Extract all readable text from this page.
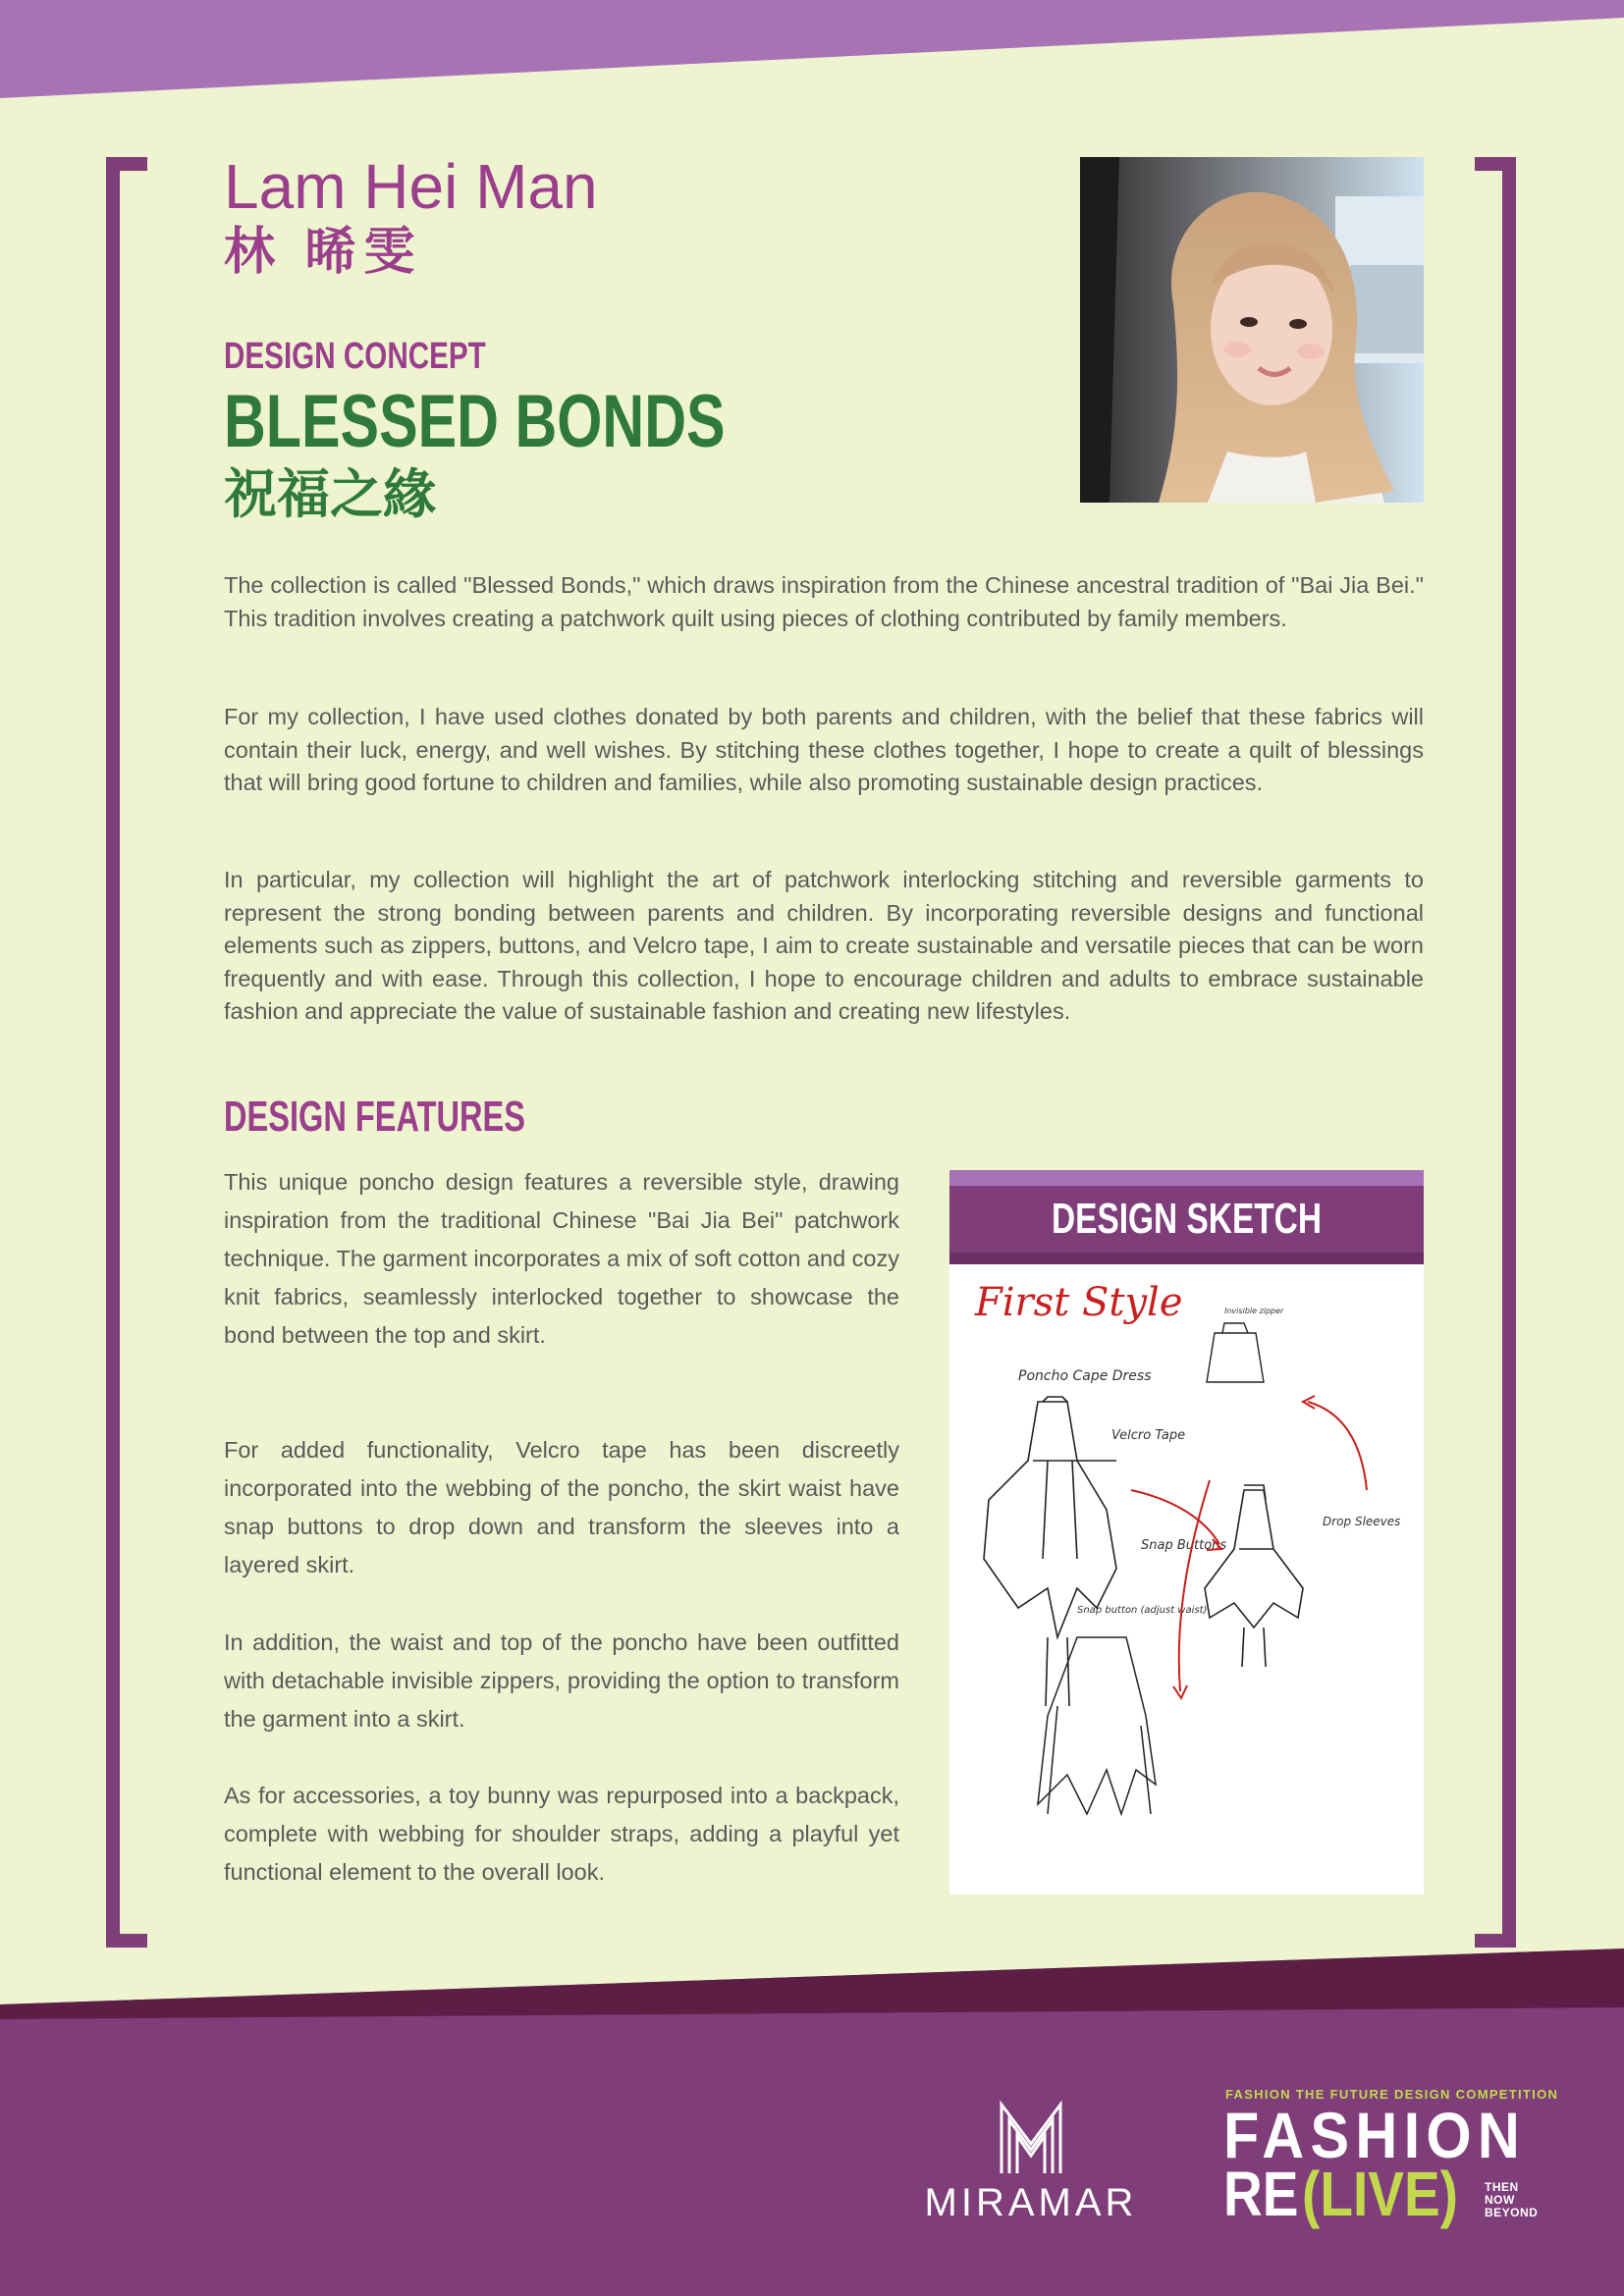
Lam Hei Man
林 晞雯
DESIGN CONCEPT
BLESSED BONDS
祝福之緣

The collection is called "Blessed Bonds," which draws inspiration from the Chinese ancestral tradition of "Bai Jia Bei." This tradition involves creating a patchwork quilt using pieces of clothing contributed by family members.

For my collection, I have used clothes donated by both parents and children, with the belief that these fabrics will contain their luck, energy, and well wishes. By stitching these clothes together, I hope to create a quilt of blessings that will bring good fortune to children and families, while also promoting sustainable design practices.

In particular, my collection will highlight the art of patchwork interlocking stitching and reversible garments to represent the strong bonding between parents and children. By incorporating reversible designs and functional elements such as zippers, buttons, and Velcro tape, I aim to create sustainable and versatile pieces that can be worn frequently and with ease. Through this collection, I hope to encourage children and adults to embrace sustainable fashion and appreciate the value of sustainable fashion and creating new lifestyles.

DESIGN FEATURES

This unique poncho design features a reversible style, drawing inspiration from the traditional Chinese "Bai Jia Bei" patchwork technique. The garment incorporates a mix of soft cotton and cozy knit fabrics, seamlessly interlocked together to showcase the bond between the top and skirt.

For added functionality, Velcro tape has been discreetly incorporated into the webbing of the poncho, the skirt waist have snap buttons to drop down and transform the sleeves into a layered skirt.

In addition, the waist and top of the poncho have been outfitted with detachable invisible zippers, providing the option to transform the garment into a skirt.

As for accessories, a toy bunny was repurposed into a backpack, complete with webbing for shoulder straps, adding a playful yet functional element to the overall look.

DESIGN SKETCH
First Style
Poncho Cape Dress
Velcro Tape
Snap Buttons
Drop Sleeves
Snap button (adjust waist)
Invisible zipper
MIRAMAR
FASHION THE FUTURE DESIGN COMPETITION
FASHION
RE (LIVE) THEN
NOW
BEYOND
